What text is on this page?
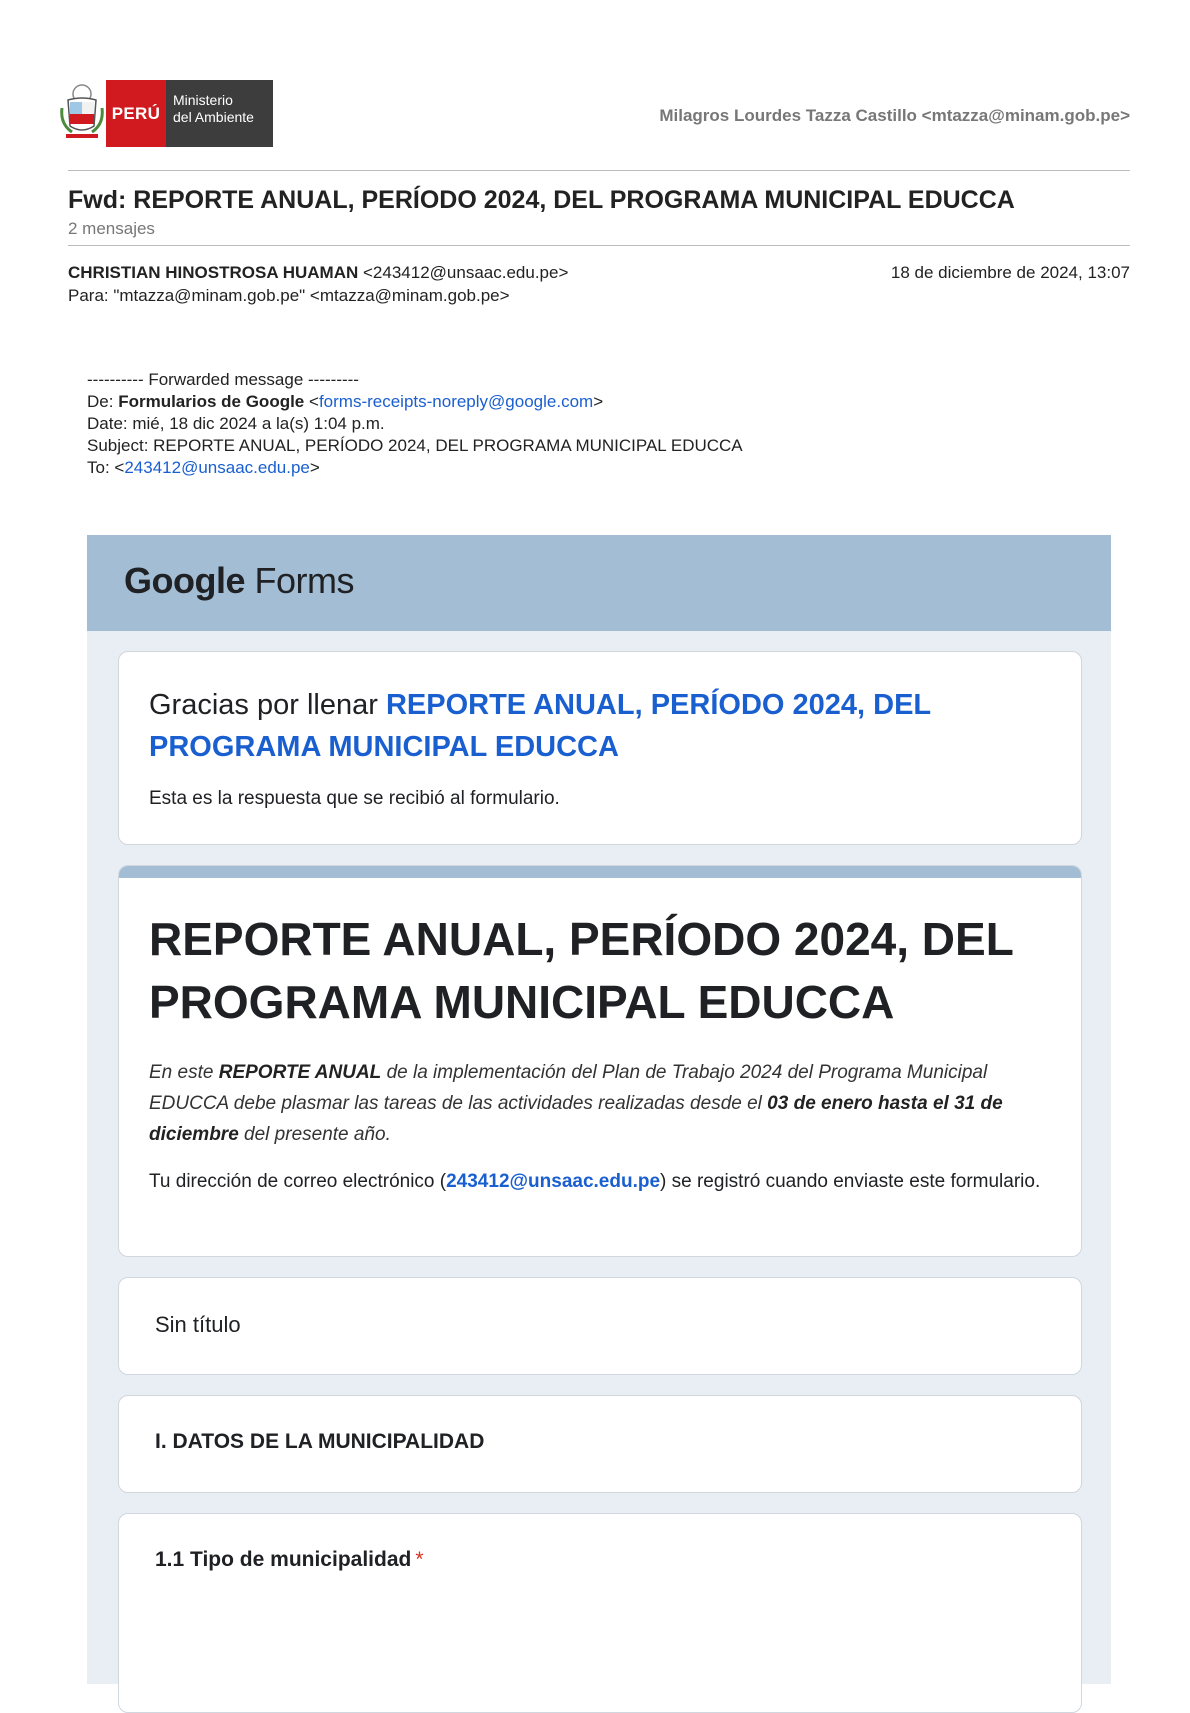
PERÚ
Ministerio
del Ambiente	Milagros Lourdes Tazza Castillo <mtazza@minam.gob.pe>
Fwd: REPORTE ANUAL, PERÍODO 2024, DEL PROGRAMA MUNICIPAL EDUCCA
2 mensajes
CHRISTIAN HINOSTROSA HUAMAN <243412@unsaac.edu.pe>	18 de diciembre de 2024, 13:07
Para: "mtazza@minam.gob.pe" <mtazza@minam.gob.pe>
---------- Forwarded message ---------
De: Formularios de Google <forms-receipts-noreply@google.com>
Date: mié, 18 dic 2024 a la(s) 1:04 p.m.
Subject: REPORTE ANUAL, PERÍODO 2024, DEL PROGRAMA MUNICIPAL EDUCCA
To: <243412@unsaac.edu.pe>
Google Forms
Gracias por llenar REPORTE ANUAL, PERÍODO 2024, DEL PROGRAMA MUNICIPAL EDUCCA
Esta es la respuesta que se recibió al formulario.
REPORTE ANUAL, PERÍODO 2024, DEL PROGRAMA MUNICIPAL EDUCCA
En este REPORTE ANUAL de la implementación del Plan de Trabajo 2024 del Programa Municipal EDUCCA debe plasmar las tareas de las actividades realizadas desde el 03 de enero hasta el 31 de diciembre del presente año.
Tu dirección de correo electrónico (243412@unsaac.edu.pe) se registró cuando enviaste este formulario.
Sin título
I. DATOS DE LA MUNICIPALIDAD
1.1 Tipo de municipalidad *
